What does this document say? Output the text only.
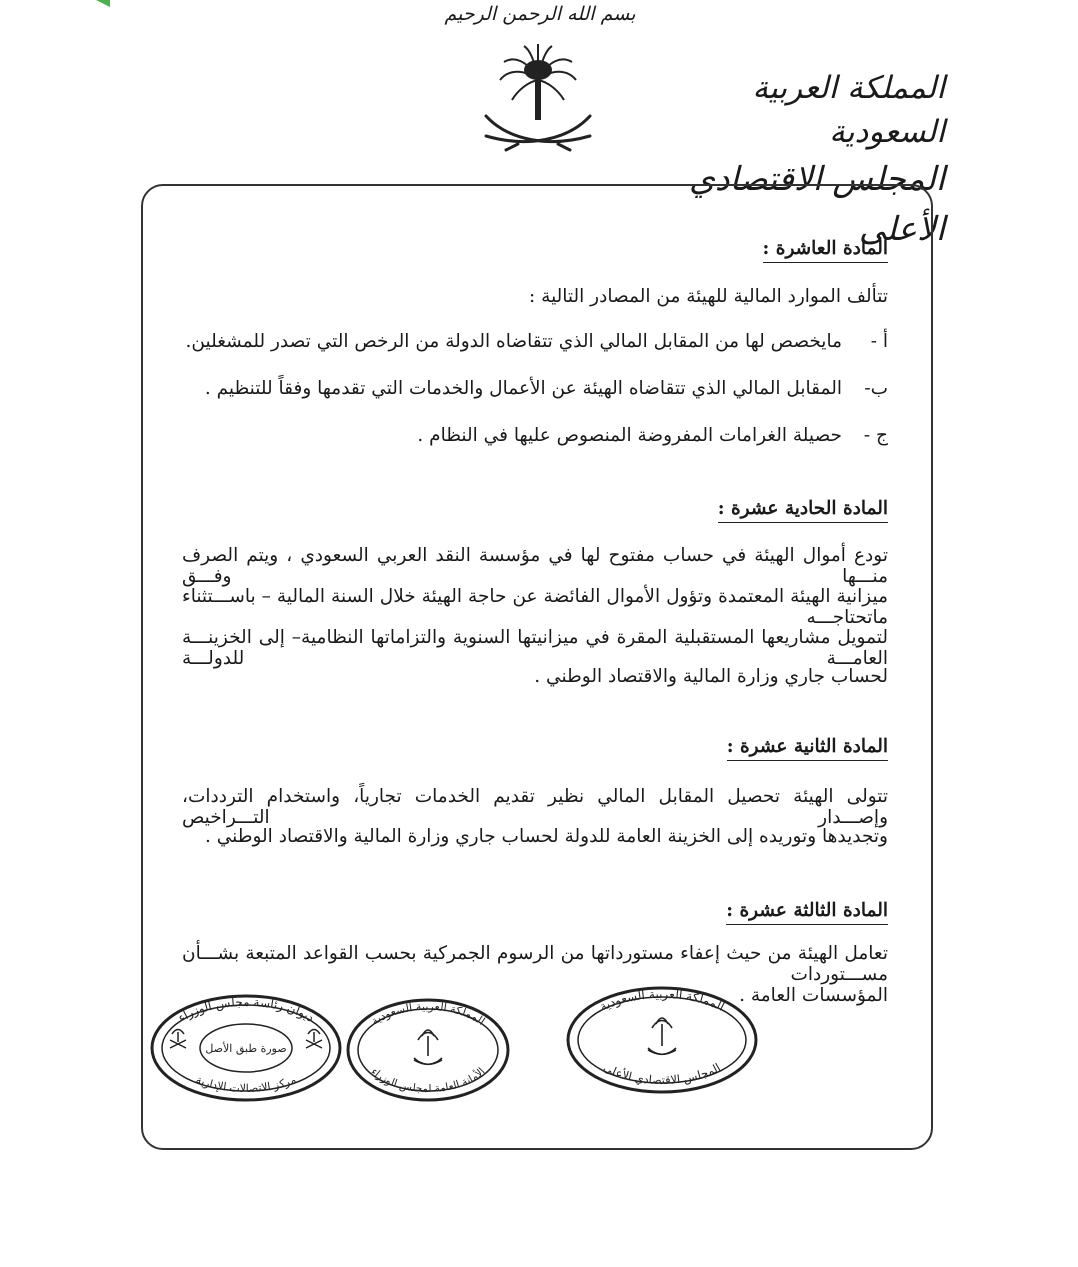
بسم الله الرحمن الرحيم
المملكة العربية السعودية
المجلس الاقتصادي الأعلى
المادة العاشرة :
تتألف الموارد المالية للهيئة من المصادر التالية :
أ -
مايخصص لها من المقابل المالي الذي تتقاضاه الدولة من الرخص التي تصدر للمشغلين.
ب-
المقابل المالي الذي تتقاضاه الهيئة عن الأعمال والخدمات التي تقدمها وفقاً للتنظيم .
ج -
حصيلة الغرامات المفروضة المنصوص عليها في النظام .
المادة الحادية عشرة :
تودع أموال الهيئة في حساب مفتوح لها في مؤسسة النقد العربي السعودي ، ويتم الصرف منـــها وفـــق
ميزانية الهيئة المعتمدة وتؤول الأموال الفائضة عن حاجة الهيئة خلال السنة المالية – باســـتثناء ماتحتاجـــه
لتمويل مشاريعها المستقبلية المقرة في ميزانيتها السنوية والتزاماتها النظامية– إلى الخزينـــة العامـــة للدولـــة
لحساب جاري وزارة المالية والاقتصاد الوطني .
المادة الثانية عشرة :
تتولى الهيئة تحصيل المقابل المالي نظير تقديم الخدمات تجارياً، واستخدام الترددات، وإصـــدار التـــراخيص
وتجديدها وتوريده إلى الخزينة العامة للدولة لحساب جاري وزارة المالية والاقتصاد الوطني .
المادة الثالثة عشرة :
تعامل الهيئة من حيث إعفاء مستورداتها من الرسوم الجمركية بحسب القواعد المتبعة بشـــأن مســـتوردات
المؤسسات العامة .
ديوان رئاسة مجلس الوزراء
مركز الاتصالات الإدارية
صورة طبق الأصل
المملكة العربية السعودية
الأمانة العامة لمجلس الوزراء
المملكة العربية السعودية
المجلس الاقتصادي الأعلى
